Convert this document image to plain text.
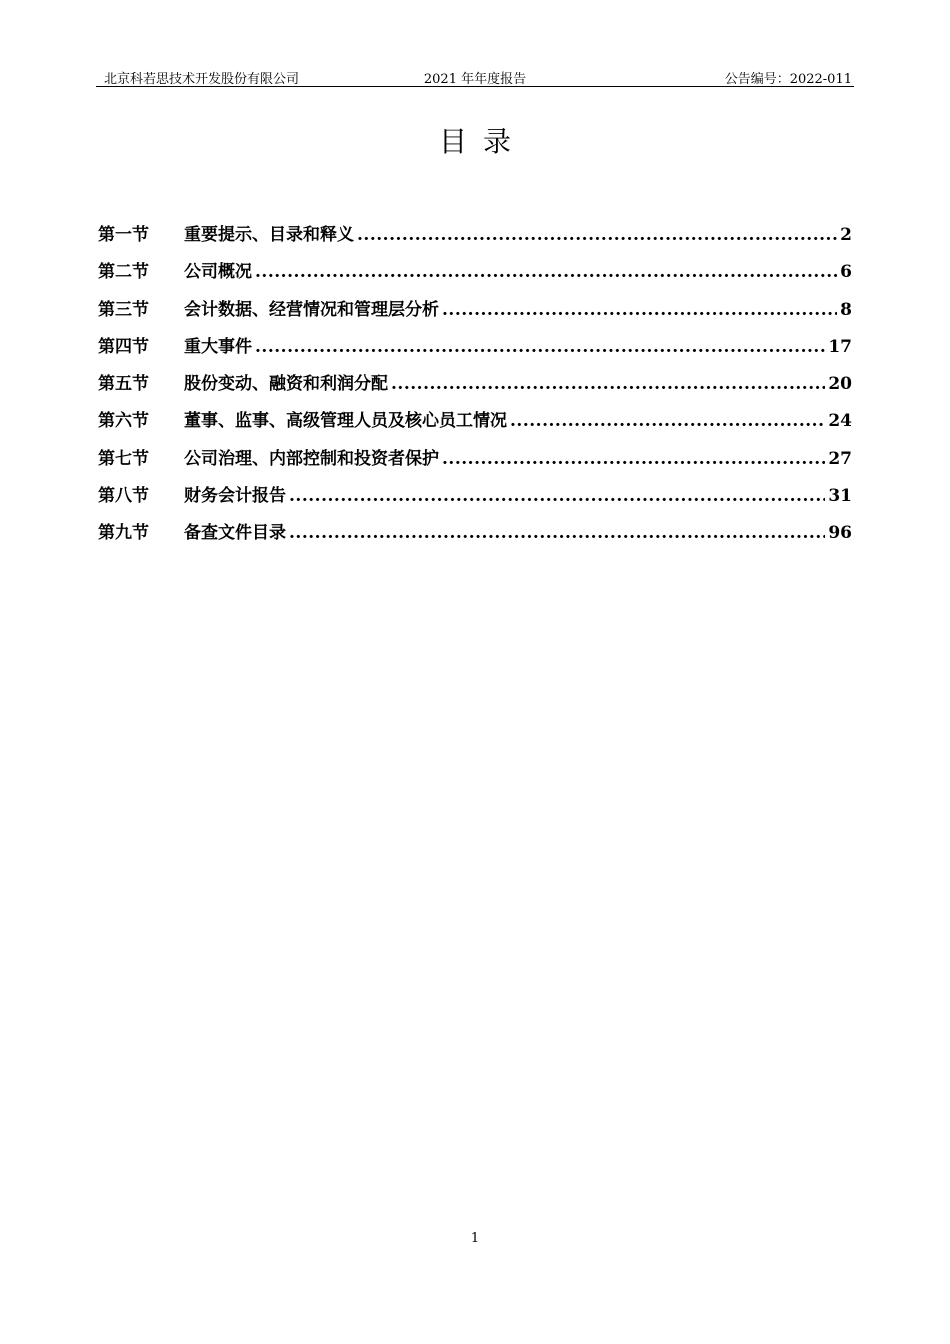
北京科若思技术开发股份有限公司	2021 年年度报告	公告编号：2022-011
目录
第一节	重要提示、目录和释义 .....	2
第二节	公司概况 .....	6
第三节	会计数据、经营情况和管理层分析 .....	8
第四节	重大事件 .....	17
第五节	股份变动、融资和利润分配 .....	20
第六节	董事、监事、高级管理人员及核心员工情况 .....	24
第七节	公司治理、内部控制和投资者保护 .....	27
第八节	财务会计报告 .....	31
第九节	备查文件目录 .....	96
1
